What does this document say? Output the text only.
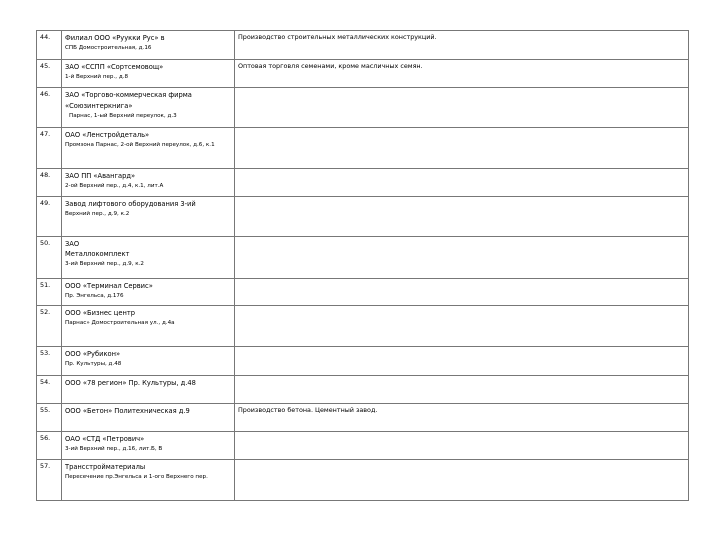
44.	Филиал ООО «Руукки Рус» в
СПБ Домостроительная, д.16	Производство строительных металлических конструкций.
45.	ЗАО «ССПП «Сортсемовощ»
1-й Верхний пер., д.8	Оптовая торговля семенами, кроме масличных семян.
46.	ЗАО «Торгово-коммерческая фирма «Союзинтеркнига»
Парнас, 1-ый Верхний переулок, д.3	

47.	ОАО «Ленстройдеталь»
Промзона Парнас, 2-ой Верхний переулок, д.6, к.1	

48.	ЗАО ПП «Авангард»
2-ой Верхний пер., д.4, к.1, лит.А	

49.	Завод лифтового оборудования 3-ий
Верхний пер., д.9, к.2	

50.	ЗАО Металлокомплект
3-ий Верхний пер., д.9, к.2	

51.	ООО «Терминал Сервис»
Пр. Энгельса, д.176	

52.	ООО «Бизнес центр
Парнас» Домостроительная ул., д.4а	

53.	ООО «Рубикон»
Пр. Культуры, д.48	

54.	ООО «78 регион» Пр. Культуры, д.48

55.	ООО «Бетон» Политехническая д.9	Производство бетона. Цементный завод.
56.	ОАО «СТД «Петрович»
3-ий Верхний пер., д.16, лит.Б, В	

57.	Трансстройматериалы
Пересечение пр.Энгельса и 1-ого Верхнего пер.	
